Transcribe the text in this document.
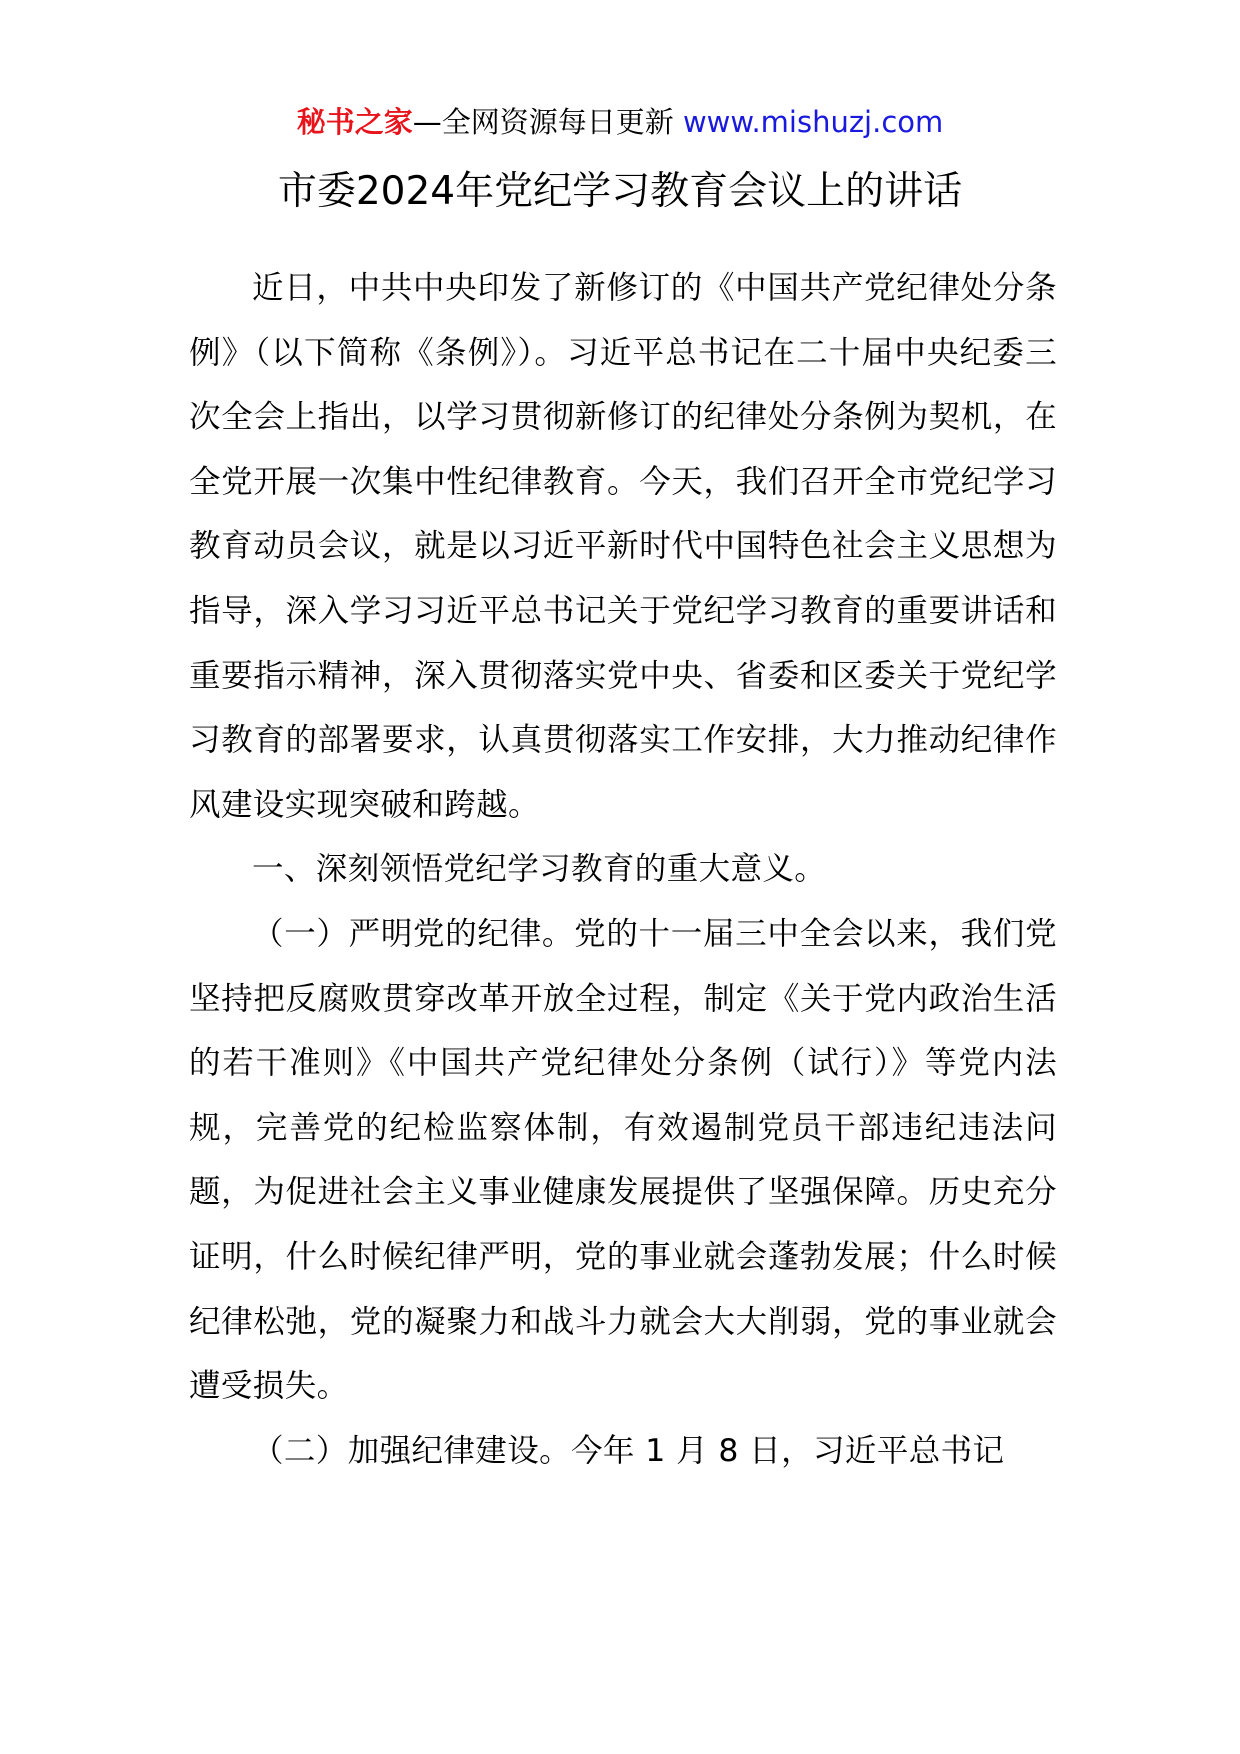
秘书之家—全网资源每日更新 www.mishuzj.com
市委2024年党纪学习教育会议上的讲话

近日，中共中央印发了新修订的《中国共产党纪律处分条例》（以下简称《条例》）。习近平总书记在二十届中央纪委三次全会上指出，以学习贯彻新修订的纪律处分条例为契机，在全党开展一次集中性纪律教育。今天，我们召开全市党纪学习教育动员会议，就是以习近平新时代中国特色社会主义思想为指导，深入学习习近平总书记关于党纪学习教育的重要讲话和重要指示精神，深入贯彻落实党中央、省委和区委关于党纪学习教育的部署要求，认真贯彻落实工作安排，大力推动纪律作风建设实现突破和跨越。

一、深刻领悟党纪学习教育的重大意义。

（一）严明党的纪律。党的十一届三中全会以来，我们党坚持把反腐败贯穿改革开放全过程，制定《关于党内政治生活的若干准则》《中国共产党纪律处分条例（试行）》等党内法规，完善党的纪检监察体制，有效遏制党员干部违纪违法问题，为促进社会主义事业健康发展提供了坚强保障。历史充分证明，什么时候纪律严明，党的事业就会蓬勃发展；什么时候纪律松弛，党的凝聚力和战斗力就会大大削弱，党的事业就会遭受损失。

（二）加强纪律建设。今年 1 月 8 日，习近平总书记
